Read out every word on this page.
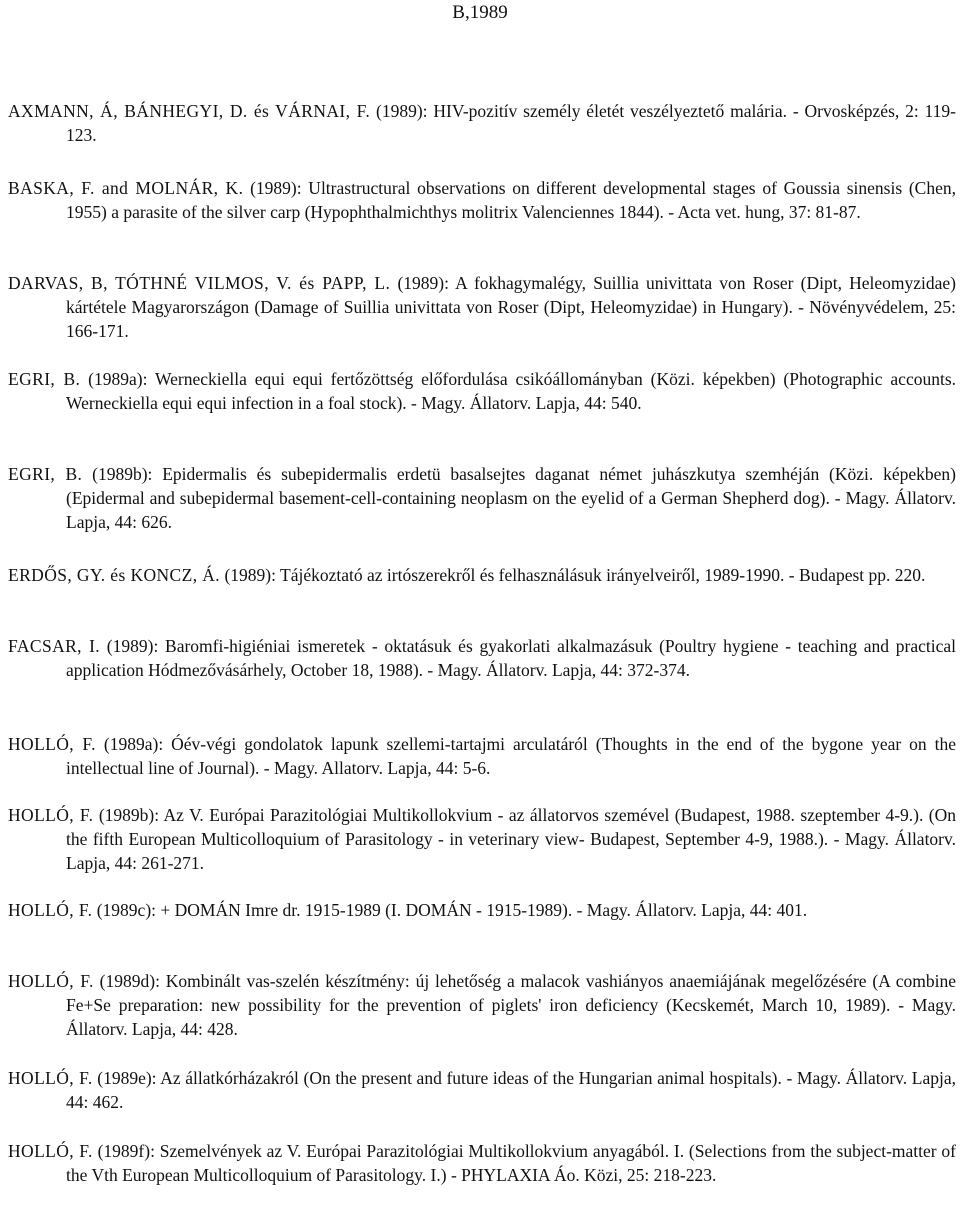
B,1989
AXMANN, Á, BÁNHEGYI, D. és VÁRNAI, F. (1989): HIV-pozitív személy életét veszélyeztető malária. - Orvosképzés, 2: 119-123.
BASKA, F. and MOLNÁR, K. (1989): Ultrastructural observations on different developmental stages of Goussia sinensis (Chen, 1955) a parasite of the silver carp (Hypophthalmichthys molitrix Valenciennes 1844). - Acta vet. hung, 37: 81-87.
DARVAS, B, TÓTHNÉ VILMOS, V. és PAPP, L. (1989): A fokhagymalégy, Suillia univittata von Roser (Dipt, Heleomyzidae) kártétele Magyarországon (Damage of Suillia univittata von Roser (Dipt, Heleomyzidae) in Hungary). - Növényvédelem, 25: 166-171.
EGRI, B. (1989a): Werneckiella equi equi fertőzöttség előfordulása csikóállományban (Közi. képekben) (Photographic accounts. Werneckiella equi equi infection in a foal stock). - Magy. Állatorv. Lapja, 44: 540.
EGRI, B. (1989b): Epidermalis és subepidermalis erdetü basalsejtes daganat német juhászkutya szemhéján (Közi. képekben) (Epidermal and subepidermal basement-cell-containing neoplasm on the eyelid of a German Shepherd dog). - Magy. Állatorv. Lapja, 44: 626.
ERDŐS, GY. és KONCZ, Á. (1989): Tájékoztató az irtószerekről és felhasználásuk irányelveiről, 1989-1990. - Budapest pp. 220.
FACSAR, I. (1989): Baromfi-higiéniai ismeretek - oktatásuk és gyakorlati alkalmazásuk (Poultry hygiene - teaching and practical application Hódmezővásárhely, October 18, 1988). - Magy. Állatorv. Lapja, 44: 372-374.
HOLLÓ, F. (1989a): Óév-végi gondolatok lapunk szellemi-tartajmi arculatáról (Thoughts in the end of the bygone year on the intellectual line of Journal). - Magy. Allatorv. Lapja, 44: 5-6.
HOLLÓ, F. (1989b): Az V. Európai Parazitológiai Multikollokvium - az állatorvos szemével (Budapest, 1988. szeptember 4-9.). (On the fifth European Multicolloquium of Parasitology - in veterinary view- Budapest, September 4-9, 1988.). - Magy. Állatorv. Lapja, 44: 261-271.
HOLLÓ, F. (1989c): + DOMÁN Imre dr. 1915-1989 (I. DOMÁN - 1915-1989). - Magy. Állatorv. Lapja, 44: 401.
HOLLÓ, F. (1989d): Kombinált vas-szelén készítmény: új lehetőség a malacok vashiányos anaemiájának megelőzésére (A combine Fe+Se preparation: new possibility for the prevention of piglets' iron deficiency (Kecskemét, March 10, 1989). - Magy. Állatorv. Lapja, 44: 428.
HOLLÓ, F. (1989e): Az állatkórházakról (On the present and future ideas of the Hungarian animal hospitals). - Magy. Állatorv. Lapja, 44: 462.
HOLLÓ, F. (1989f): Szemelvények az V. Európai Parazitológiai Multikollokvium anyagából. I. (Selections from the subject-matter of the Vth European Multicolloquium of Parasitology. I.) - PHYLAXIA Áo. Közi, 25: 218-223.
